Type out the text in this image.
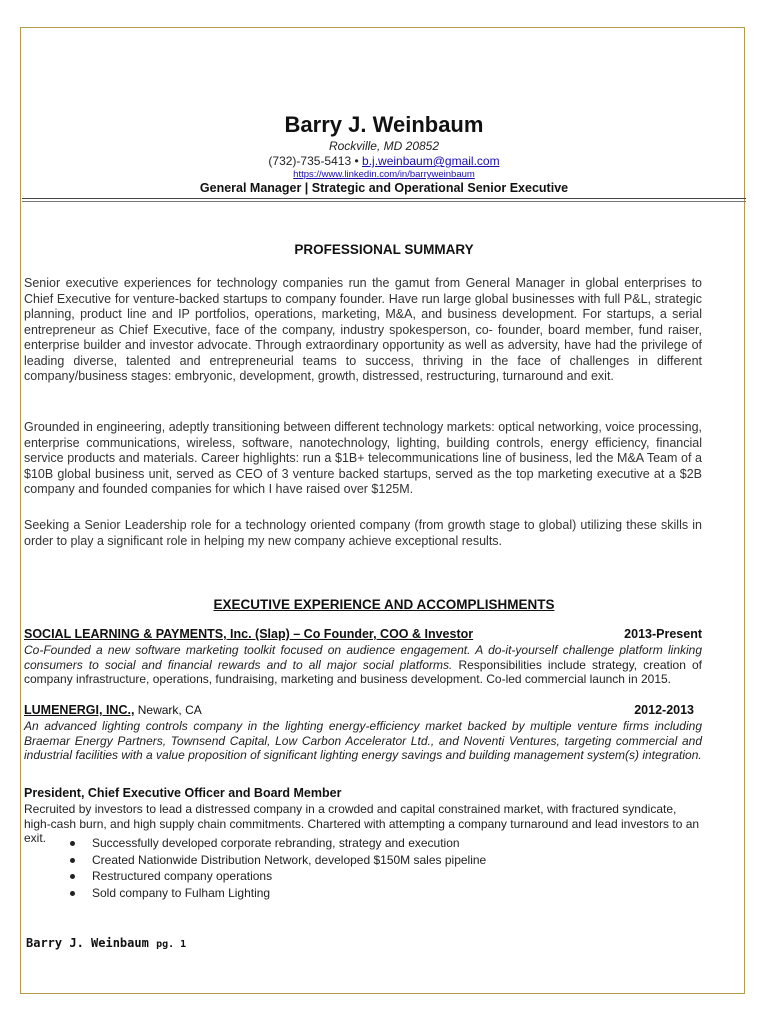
Barry J. Weinbaum
Rockville, MD 20852
(732)-735-5413 • b.j.weinbaum@gmail.com
https://www.linkedin.com/in/barryweinbaum
General Manager | Strategic and Operational Senior Executive
PROFESSIONAL SUMMARY
Senior executive experiences for technology companies run the gamut from General Manager in global enterprises to Chief Executive for venture-backed startups to company founder. Have run large global businesses with full P&L, strategic planning, product line and IP portfolios, operations, marketing, M&A, and business development. For startups, a serial entrepreneur as Chief Executive, face of the company, industry spokesperson, co- founder, board member, fund raiser, enterprise builder and investor advocate. Through extraordinary opportunity as well as adversity, have had the privilege of leading diverse, talented and entrepreneurial teams to success, thriving in the face of challenges in different company/business stages: embryonic, development, growth, distressed, restructuring, turnaround and exit.
Grounded in engineering, adeptly transitioning between different technology markets: optical networking, voice processing, enterprise communications, wireless, software, nanotechnology, lighting, building controls, energy efficiency, financial service products and materials. Career highlights: run a $1B+ telecommunications line of business, led the M&A Team of a $10B global business unit, served as CEO of 3 venture backed startups, served as the top marketing executive at a $2B company and founded companies for which I have raised over $125M.
Seeking a Senior Leadership role for a technology oriented company (from growth stage to global) utilizing these skills in order to play a significant role in helping my new company achieve exceptional results.
EXECUTIVE EXPERIENCE AND ACCOMPLISHMENTS
SOCIAL LEARNING & PAYMENTS, Inc. (Slap) – Co Founder, COO & Investor	2013-Present
Co-Founded a new software marketing toolkit focused on audience engagement. A do-it-yourself challenge platform linking consumers to social and financial rewards and to all major social platforms. Responsibilities include strategy, creation of company infrastructure, operations, fundraising, marketing and business development. Co-led commercial launch in 2015.
LUMENERGI, INC., Newark, CA	2012-2013
An advanced lighting controls company in the lighting energy-efficiency market backed by multiple venture firms including Braemar Energy Partners, Townsend Capital, Low Carbon Accelerator Ltd., and Noventi Ventures, targeting commercial and industrial facilities with a value proposition of significant lighting energy savings and building management system(s) integration.
President, Chief Executive Officer and Board Member
Recruited by investors to lead a distressed company in a crowded and capital constrained market, with fractured syndicate, high-cash burn, and high supply chain commitments. Chartered with attempting a company turnaround and lead investors to an exit.	Successfully developed corporate rebranding, strategy and execution
Created Nationwide Distribution Network, developed $150M sales pipeline
Restructured company operations
Sold company to Fulham Lighting
Barry J. Weinbaum pg. 1
